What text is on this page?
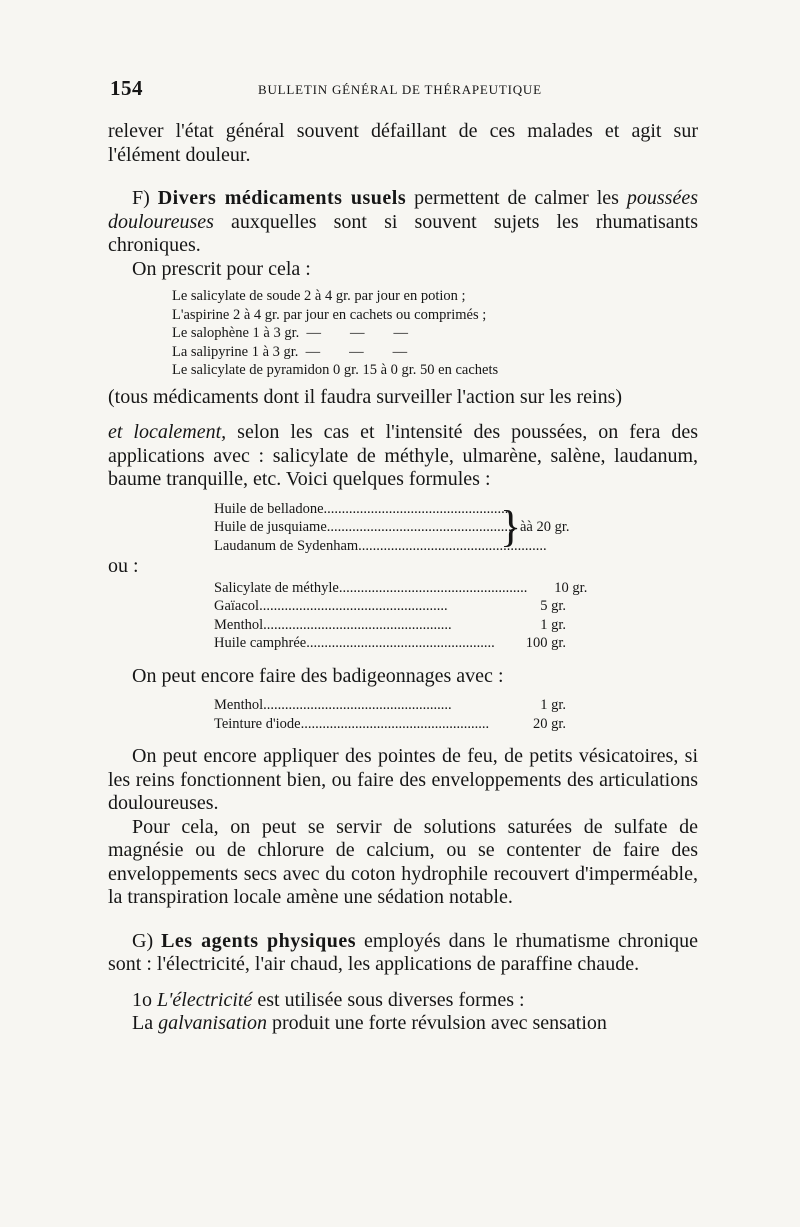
154	BULLETIN GÉNÉRAL DE THÉRAPEUTIQUE

relever l'état général souvent défaillant de ces malades et agit sur l'élément douleur.

F) Divers médicaments usuels permettent de calmer les poussées douloureuses auxquelles sont si souvent sujets les rhumatisants chroniques.

On prescrit pour cela :

Le salicylate de soude 2 à 4 gr. par jour en potion ;
L'aspirine 2 à 4 gr. par jour en cachets ou comprimés ;
Le salophène 1 à 3 gr.  —        —        —
La salipyrine 1 à 3 gr.  —        —        —
Le salicylate de pyramidon 0 gr. 15 à 0 gr. 50 en cachets

(tous médicaments dont il faudra surveiller l'action sur les reins)

et localement, selon les cas et l'intensité des poussées, on fera des applications avec : salicylate de méthyle, ulmarène, salène, laudanum, baume tranquille, etc. Voici quelques formules :

Huile de belladone ....................................................
Huile de jusquiame ....................................................
Laudanum de Sydenham ....................................................
}
àà 20 gr.

ou :

Salicylate de méthyle ....................................................	10 gr.
Gaïacol ....................................................	5 gr.
Menthol ....................................................	1 gr.
Huile camphrée ....................................................	100 gr.

On peut encore faire des badigeonnages avec :

Menthol ....................................................	1 gr.
Teinture d'iode ....................................................	20 gr.

On peut encore appliquer des pointes de feu, de petits vésicatoires, si les reins fonctionnent bien, ou faire des enveloppements des articulations douloureuses.

Pour cela, on peut se servir de solutions saturées de sulfate de magnésie ou de chlorure de calcium, ou se contenter de faire des enveloppements secs avec du coton hydrophile recouvert d'imperméable, la transpiration locale amène une sédation notable.

G) Les agents physiques employés dans le rhumatisme chronique sont : l'électricité, l'air chaud, les applications de paraffine chaude.

1o L'électricité est utilisée sous diverses formes :

La galvanisation produit une forte révulsion avec sensation
